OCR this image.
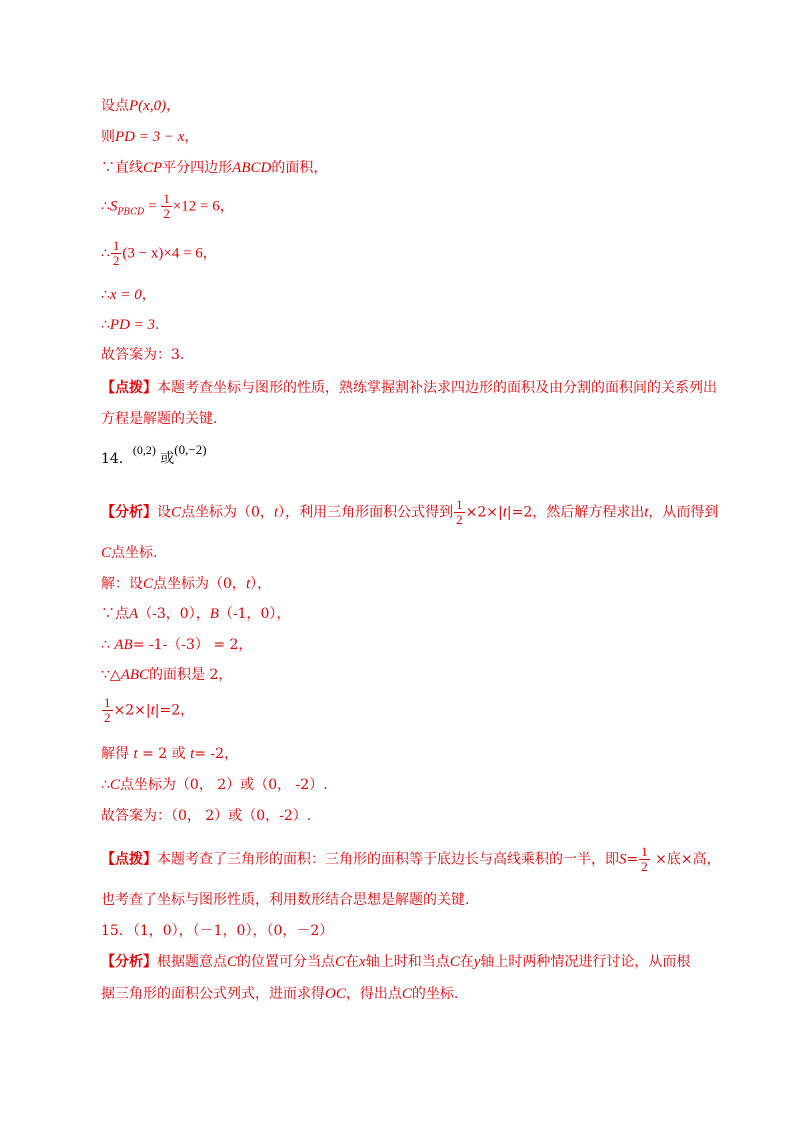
设点P(x,0)，
则PD = 3 − x，
∵直线CP平分四边形ABCD的面积，
$\therefore S_{PBCD} = \frac{1}{2} \times 12 = 6$，
∴ $\frac{1}{2} (3 - x)\times 4 = 6$，
∴x = 0，
∴PD = 3.
故答案为：3.
【点拨】本题考查坐标与图形的性质，熟练掌握割补法求四边形的面积及由分割的面积间的关系列出
方程是解题的关键.
14．(0,2) 或(0,−2)
【分析】设C点坐标为（0，t），利用三角形面积公式得到 $\frac{1}{2} \times 2\times|t|=2$，然后解方程求出t，从而得到
C点坐标.
解：设C点坐标为（0，t），
∵点A（-3，0），B（-1，0），
∴ AB= -1-（-3） = 2，
∵△ABC的面积是 2，
$\frac{1}{2} \times 2\times|t|=2$，
解得 t = 2 或 t= -2，
∴C点坐标为（0， 2）或（0， -2）.
故答案为：（0， 2）或（0，-2）.
【点拨】本题考查了三角形的面积：三角形的面积等于底边长与高线乘积的一半，即$S= \frac{1}{2}$ ×底×高，
也考查了坐标与图形性质，利用数形结合思想是解题的关键.
15．（1，0），（－1，0），（0，－2）
【分析】根据题意点C的位置可分当点C在x轴上时和当点C在y轴上时两种情况进行讨论，从而根
据三角形的面积公式列式，进而求得OC，得出点C的坐标.
